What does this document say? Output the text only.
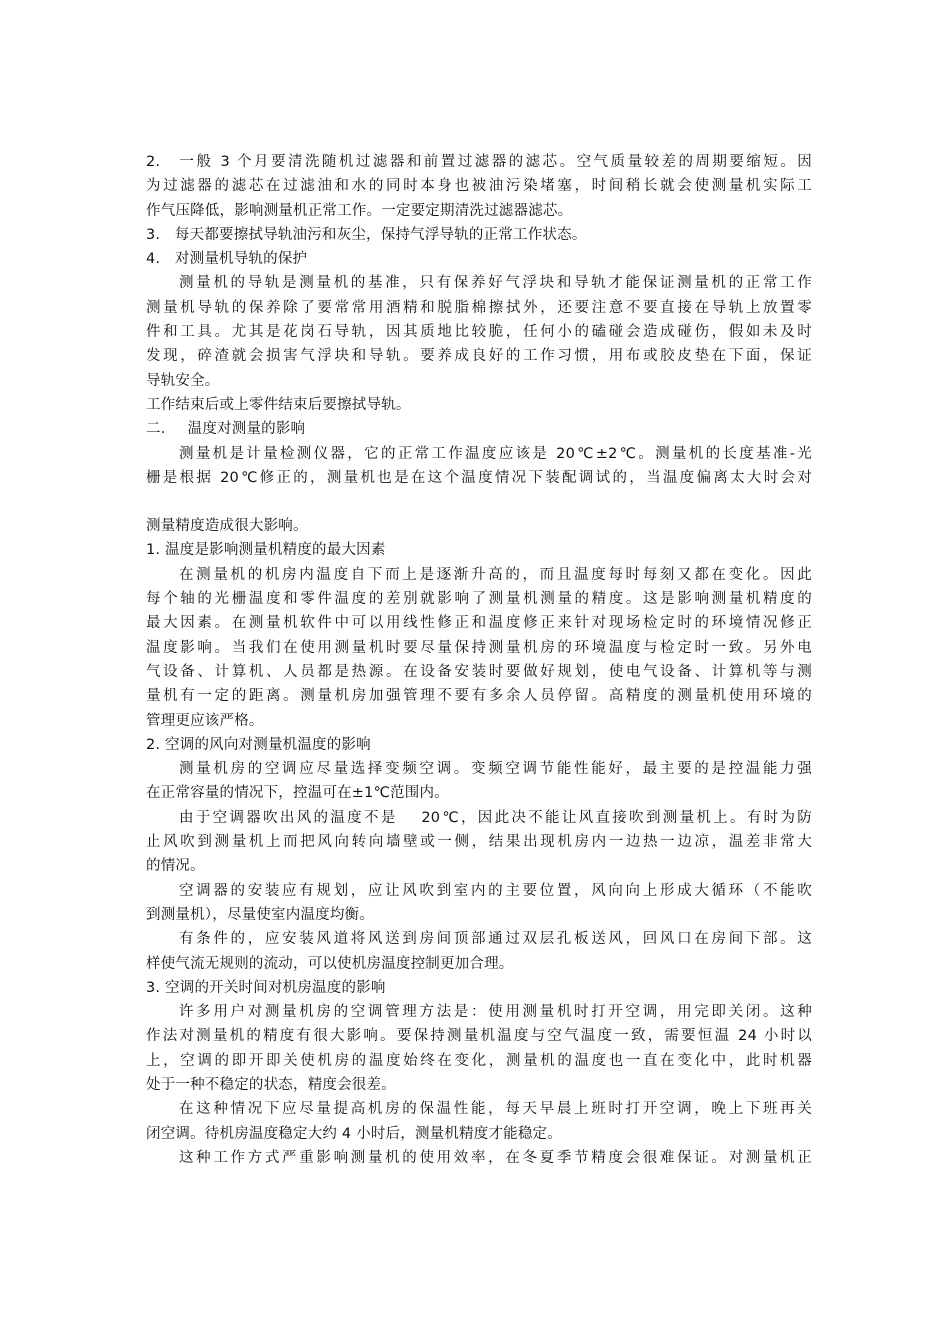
2.　一般 3 个月要清洗随机过滤器和前置过滤器的滤芯。空气质量较差的周期要缩短。因
为过滤器的滤芯在过滤油和水的同时本身也被油污染堵塞，时间稍长就会使测量机实际工
作气压降低，影响测量机正常工作。一定要定期清洗过滤器滤芯。
3.　每天都要擦拭导轨油污和灰尘，保持气浮导轨的正常工作状态。
4.　对测量机导轨的保护
测量机的导轨是测量机的基准，只有保养好气浮块和导轨才能保证测量机的正常工作
测量机导轨的保养除了要常常用酒精和脱脂棉擦拭外，还要注意不要直接在导轨上放置零
件和工具。尤其是花岗石导轨，因其质地比较脆，任何小的磕碰会造成碰伤，假如未及时
发现，碎渣就会损害气浮块和导轨。要养成良好的工作习惯，用布或胶皮垫在下面，保证
导轨安全。
工作结束后或上零件结束后要擦拭导轨。
二．　 温度对测量的影响
测量机是计量检测仪器，它的正常工作温度应该是 20℃±2℃。测量机的长度基准-光
栅是根据 20℃修正的，测量机也是在这个温度情况下装配调试的，当温度偏离太大时会对
测量精度造成很大影响。
1. 温度是影响测量机精度的最大因素
在测量机的机房内温度自下而上是逐渐升高的，而且温度每时每刻又都在变化。因此
每个轴的光栅温度和零件温度的差别就影响了测量机测量的精度。这是影响测量机精度的
最大因素。在测量机软件中可以用线性修正和温度修正来针对现场检定时的环境情况修正
温度影响。当我们在使用测量机时要尽量保持测量机房的环境温度与检定时一致。另外电
气设备、计算机、人员都是热源。在设备安装时要做好规划，使电气设备、计算机等与测
量机有一定的距离。测量机房加强管理不要有多余人员停留。高精度的测量机使用环境的
管理更应该严格。
2. 空调的风向对测量机温度的影响
测量机房的空调应尽量选择变频空调。变频空调节能性能好，最主要的是控温能力强
在正常容量的情况下，控温可在±1℃范围内。
由于空调器吹出风的温度不是　 20℃，因此决不能让风直接吹到测量机上。有时为防
止风吹到测量机上而把风向转向墙壁或一侧，结果出现机房内一边热一边凉，温差非常大
的情况。
空调器的安装应有规划，应让风吹到室内的主要位置，风向向上形成大循环（不能吹
到测量机），尽量使室内温度均衡。
有条件的，应安装风道将风送到房间顶部通过双层孔板送风，回风口在房间下部。这
样使气流无规则的流动，可以使机房温度控制更加合理。
3. 空调的开关时间对机房温度的影响
许多用户对测量机房的空调管理方法是：使用测量机时打开空调，用完即关闭。这种
作法对测量机的精度有很大影响。要保持测量机温度与空气温度一致，需要恒温 24 小时以
上，空调的即开即关使机房的温度始终在变化，测量机的温度也一直在变化中，此时机器
处于一种不稳定的状态，精度会很差。
在这种情况下应尽量提高机房的保温性能，每天早晨上班时打开空调，晚上下班再关
闭空调。待机房温度稳定大约 4 小时后，测量机精度才能稳定。
这种工作方式严重影响测量机的使用效率，在冬夏季节精度会很难保证。对测量机正
